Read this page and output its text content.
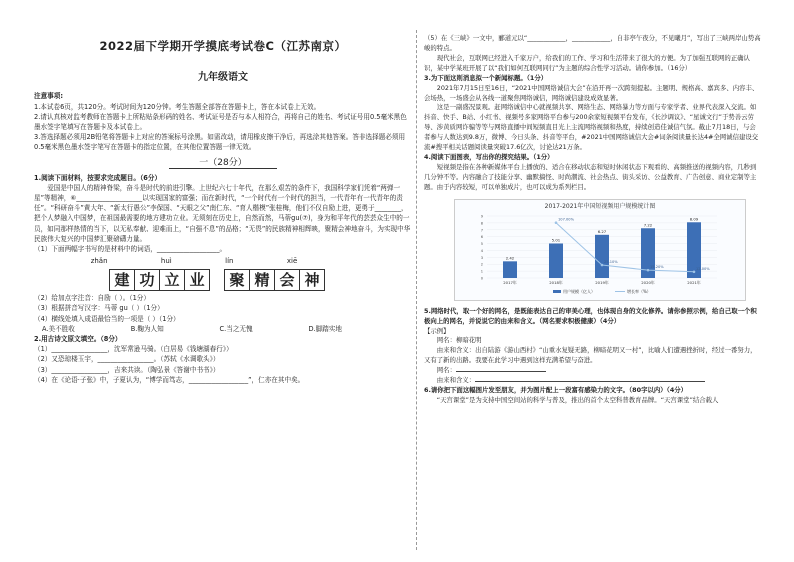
2022届下学期开学摸底考试卷C（江苏南京）
九年级语文

注意事项:

1.本试卷6页，共120分。考试时间为120分钟。考生答题全部答在答题卡上，答在本试卷上无效。

2.请认真核对监考教师在答题卡上所粘贴条形码的姓名、考试证号是否与本人相符合，再将自己的姓名、考试证号用0.5毫米黑色墨水签字笔填写在答题卡及本试卷上。

3.答选择题必须用2B铅笔将答题卡上对应的答案标号涂黑。如需改动，请用橡皮擦干净后，再选涂其他答案。答非选择题必须用0.5毫米黑色墨水签字笔写在答题卡的指定位置，在其他位置答题一律无效。

一（28分）

1.阅读下面材料，按要求完成题目。（6分）

爱国是中国人的精神脊梁，奋斗是时代的前进引擎。上世纪六七十年代，在那么艰苦的条件下，我国科学家们凭着“两弹一星”等精神，⑥____________________以实现国家的富强；而在新时代，“一个时代有一个时代的担当，一代青年有一代青年的责任”。“科研奋斗”黄大年、“新太行愚公”李保国、“天眼之父”南仁东、“育人楷模”张桂梅，他们不仅自励上进，更勇于________，把个人梦融入中国梦，在祖国最需要的地方建功立业。无须刻在历史上，自然而然，马蒂gu(⑦)，身为和平年代的芸芸众生中的一员，如同那样热情的当下，以无私奉献、迎难而上，“自强不息”的品格；“无畏”的民族精神相辉映，聚精会神地奋斗，为实现中华民族伟大复兴的中国梦汇聚磅礴力量。

（1）下面两幅字书写的是材料中的词语，___________________。

zhǎn	huì	lín	xiē
建 功 立 业	聚 精 会 神

（2）给加点字注音：自励（ ）。（1分）

（3）根据拼音写汉字：马蒂 gu（ ）（1分）

（4）横线处填入成语最恰当的一项是（ ）（1分）

A.美不胜收	B.鞠为人知	C.当之无愧	D.脚踏实地

2.用古诗文原文填空。（8分）

（1）_________________，沈军常逊马骑。（白居易《钱塘湖春行》）

（2）又恐琼楼玉宇，_________________。（苏轼《水调歌头》）

（3）_________________，吉来共读。（陶弘景《答谢中书书》）

（4）在《论语·子张》中，子夏认为，“博学而笃志，__________________”，仁亦在其中矣。

（5）在《三峡》一文中，郦道元以“____________，____________，自非亭午夜分，不见曦月”，写出了三峡两岸山势高峻的特点。

现代社会，互联网已经进入千家万户，给我们的工作、学习和生活带来了很大的方便。为了加强互联网的正确认识，某中学某班开展了以“我们如何互联网同行”为主题的综合性学习活动。请你参加。（16分）

3.为下面这则消息拟一个新闻标题。（1分）

2021年7月15日至16日，“2021中国网络诚信大会”在沿开再一次跨刻提起。主题明、规格高、嘉宾多、内容丰、会场热，一场盛会从各线一道聚焦网络诚信，网络诚信建设成效显著。

这是一副盛况景观。赶网络诚信中心就视频共享、网络生态、网络暴力等方面与专家学者、业界代表深入交流。如抖音、快手、B站、小红书、视频号多家网络平台参与200余家短视频平台发布，《长沙调议》、“星诚文行”于势善云劳导、涉黄质网诈骗等等与网络直播中间短频直目光上主流网络视频和热度，持续创造佳诚信气氛。截止7月18日，与会者参与人数达到9.8万，微博、今日头条、抖音等平台，#2021中国网络诚信大会#词条阅读量长达4#全网诚信建设交流#搜平相关话题阅读量突破17.6亿次，讨论达21万条。

4.阅读下面图表，写出你的探究结果。（1分）

短视频是指在各种新媒体平台上播放的、适合在移动状态和短时休闲状态下观看的、高频推送的视频内容，几秒到几分钟不等。内容融合了技能分享、幽默搞怪、时尚潮流、社会热点、街头采访、公益教育、广告创意、商业定制等主题。由于内容较短，可以单独成片，也可以成为系列栏目。

2017-2021年中国短视频用户规模统计图
0
1
2
3
4
5
6
7
8
9
2.42
2017年
5.01
2018年
6.27
2019年
7.22
2020年
8.09
2021年
107.00%
25.10%
15.20%	12.00%
用户规模（亿人）	增长率（%）

5.网络时代，取一个好的网名，是既能表达自己的审美心理，也体现自身的文化修养。请你参照示例，给自己取一个积极向上的网名，并说说它的由来和含义。（网名要求积极健康）（4分）

【示例】

网名：柳暗花明

由来和含义：出自陆游《游山西村》“山重水复疑无路，柳暗花明又一村”，比喻人们遭遇挫折时，经过一番努力，又有了新的出路。我要在此学习中遇到这样充满希望与奋进。

网名：

由来和含义：

6.请你把下面这幅图片发至朋友，并为图片配上一段富有感染力的文字。（80字以内）（4分）

“天宫课堂”是为支持中国空间站的科学与普及，推出的首个太空科普教育品牌。“天宫课堂”结合载人
